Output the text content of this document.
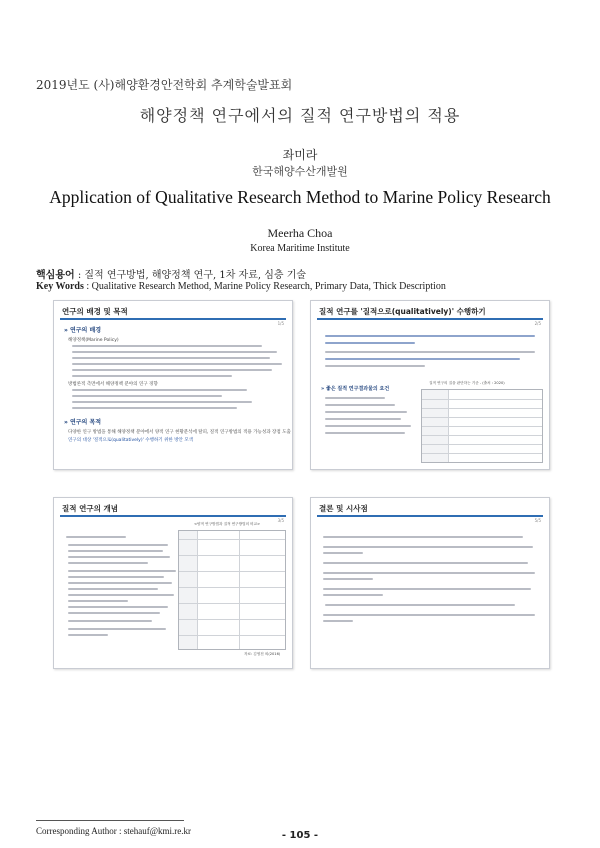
2019년도 (사)해양환경안전학회 추계학술발표회
해양정책 연구에서의 질적 연구방법의 적용
좌미라
한국해양수산개발원
Application of Qualitative Research Method to Marine Policy Research
Meerha Choa
Korea Maritime Institute
핵심용어 : 질적 연구방법, 해양정책 연구, 1차 자료, 심층 기술
Key Words : Qualitative Research Method, Marine Policy Research, Primary Data, Thick Description
연구의 배경 및 목적
1/5
» 연구의 배경
해양정책(Marine Policy)
방법론적 측면에서 해양정책 분야의 연구 경향
» 연구의 목적
다양한 연구 방법을 통해 해양정책 분야에서 양적 연구 현황분석에 탈피, 질적 연구방법의 적용 가능성과 장점 도출
연구의 대상 '질적으로(qualitatively)' 수행하기 위한 방안 모색
질적 연구를 '질적으로(qualitatively)' 수행하기
2/5
» 좋은 질적 연구결과물의 요건
질적 연구의 질을 판단하는 기준 - (출처 : 2020)
질적 연구의 개념
3/5
<양적 연구방법과 질적 연구방법의 비교>
자료: 김영천 외(2016)
결론 및 시사점
5/5
Corresponding Author : stehauf@kmi.re.kr	- 105 -
